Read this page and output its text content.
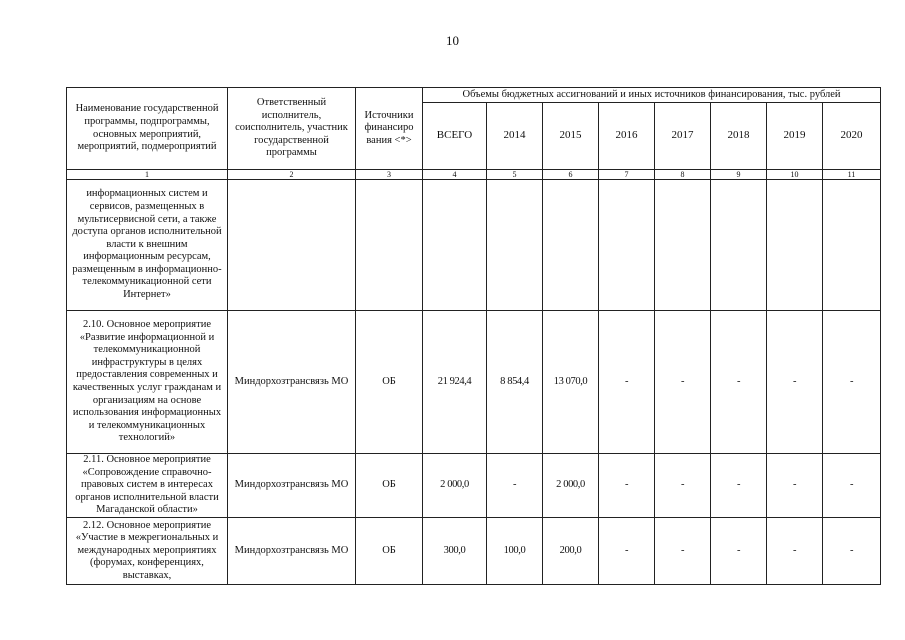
10
Наименование государственной программы, подпрограммы, основных мероприятий, мероприятий, подмероприятий	Ответственный исполнитель, соисполнитель, участник государственной программы	Источники финансиро вания <*>	Объемы бюджетных ассигнований и иных источников финансирования, тыс. рублей							
			ВСЕГО	2014	2015	2016	2017	2018	2019	2020
1	2	3	4	5	6	7	8	9	10	11
информационных систем и сервисов, размещенных в мультисервисной сети, а также доступа органов исполнительной власти к внешним информационным ресурсам, размещенным в информационно-телекоммуникационной сети Интернет»										
2.10. Основное мероприятие «Развитие информационной и телекоммуникационной инфраструктуры в целях предоставления современных и качественных услуг гражданам и организациям на основе использования информационных и телекоммуникационных технологий»	Миндорхозтрансвязь МО	ОБ	21 924,4	8 854,4	13 070,0	-	-	-	-	-
2.11. Основное мероприятие «Сопровождение справочно-правовых систем в интересах органов исполнительной власти Магаданской области»	Миндорхозтрансвязь МО	ОБ	2 000,0	-	2 000,0	-	-	-	-	-
2.12. Основное мероприятие «Участие в межрегиональных и международных мероприятиях (форумах, конференциях, выставках,	Миндорхозтрансвязь МО	ОБ	300,0	100,0	200,0	-	-	-	-	-
